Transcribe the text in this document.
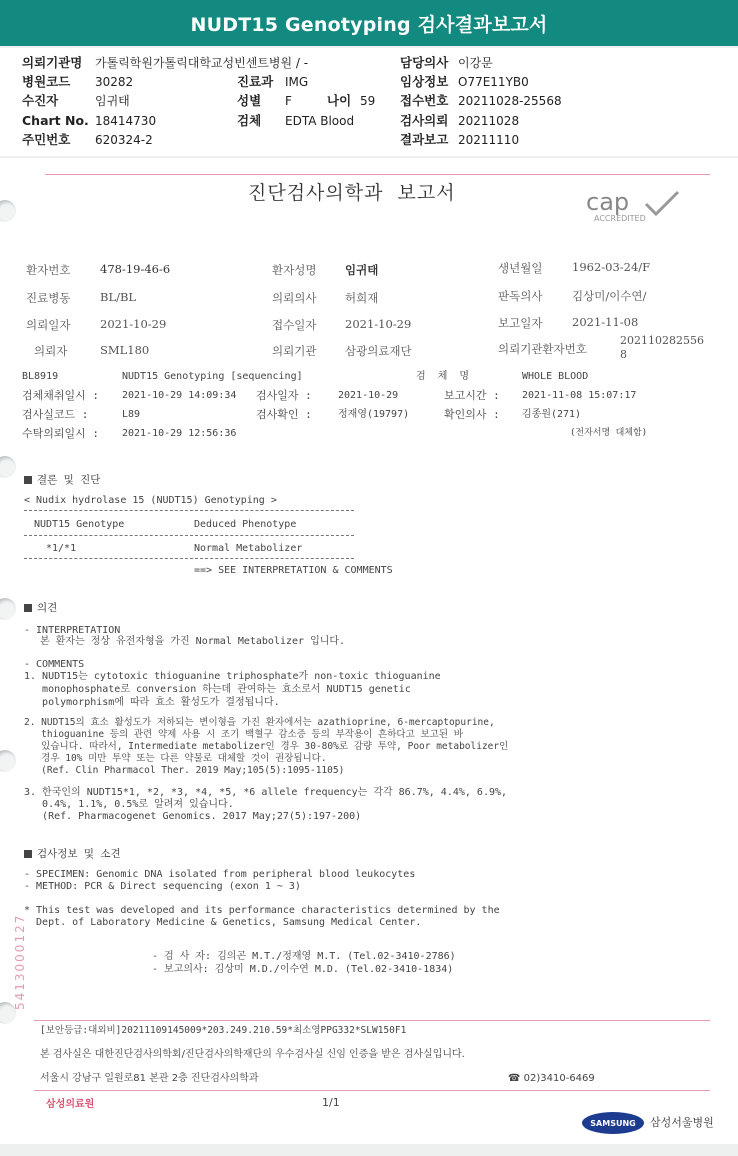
NUDT15 Genotyping 검사결과보고서
의뢰기관명 가톨릭학원가톨릭대학교성빈센트병원 / -
병원코드 30282
수진자	임귀태
Chart No. 18414730
주민번호 620324-2
진료과 IMG
성별 F	나이 59
검체 EDTA Blood
담당의사 이강문
임상정보 O77E11YB0
접수번호 20211028-25568
검사의뢰 20211028
결과보고 20211110
진단검사의학과  보고서	cap
ACCREDITED
환자번호	478-19-46-6	환자성명 임귀태	생년월일	1962-03-24/F
진료병동	BL/BL	의뢰의사 허희재	판독의사	김상미/이수연/
의뢰일자	2021-10-29	접수일자 2021-10-29	보고일자	2021-11-08
의뢰자	SML180	의뢰기관 삼광의료재단	의뢰기관환자번호
202110282556
8
BL8919	NUDT15 Genotyping [sequencing]	검  체  명	WHOLE BLOOD
검체채취일시 : 2021-10-29 14:09:34 검사일자 :	2021-10-29	보고시간 : 2021-11-08 15:07:17
검사실코드 :	L89	검사확인 :	정재영(19797)	확인의사 : 김종원(271)
수탁의뢰일시 : 2021-10-29 12:56:36	(전자서명 대체함)
결론 및 진단
< Nudix hydrolase 15 (NUDT15) Genotyping >
NUDT15 Genotype	Deduced Phenotype
*1/*1	Normal Metabolizer
==> SEE INTERPRETATION & COMMENTS
의견
- INTERPRETATION
본 환자는 정상 유전자형을 가진 Normal Metabolizer 입니다.
- COMMENTS
1. NUDT15는 cytotoxic thioguanine triphosphate가 non-toxic thioguanine
monophosphate로 conversion 하는데 관여하는 효소로서 NUDT15 genetic
polymorphism에 따라 효소 활성도가 결정됩니다.
2. NUDT15의 효소 활성도가 저하되는 변이형을 가진 환자에서는 azathioprine, 6-mercaptopurine,
thioguanine 등의 관련 약제 사용 시 조기 백혈구 감소증 등의 부작용이 흔하다고 보고된 바
있습니다. 따라서, Intermediate metabolizer인 경우 30-80%로 감량 투약, Poor metabolizer인
경우 10% 미만 투약 또는 다른 약물로 대체할 것이 권장됩니다.
(Ref. Clin Pharmacol Ther. 2019 May;105(5):1095-1105)
3. 한국인의 NUDT15*1, *2, *3, *4, *5, *6 allele frequency는 각각 86.7%, 4.4%, 6.9%,
0.4%, 1.1%, 0.5%로 알려져 있습니다.
(Ref. Pharmacogenet Genomics. 2017 May;27(5):197-200)
검사정보 및 소견
- SPECIMEN: Genomic DNA isolated from peripheral blood leukocytes
- METHOD: PCR & Direct sequencing (exon 1 ~ 3)
* This test was developed and its performance characteristics determined by the
Dept. of Laboratory Medicine & Genetics, Samsung Medical Center.
- 검 사 자: 김의곤 M.T./정재영 M.T. (Tel.02-3410-2786)
- 보고의사: 김상미 M.D./이수연 M.D. (Tel.02-3410-1834)
5413000127
[보안등급:대외비]20211109145009*203.249.210.59*최소영PPG332*SLW150F1
본 검사실은 대한진단검사의학회/진단검사의학재단의 우수검사실 신임 인증을 받은 검사실입니다.
서울시 강남구 일원로81 본관 2층 진단검사의학과	☎ 02)3410-6469
삼성의료원	1/1
SAMSUNG 삼성서울병원
